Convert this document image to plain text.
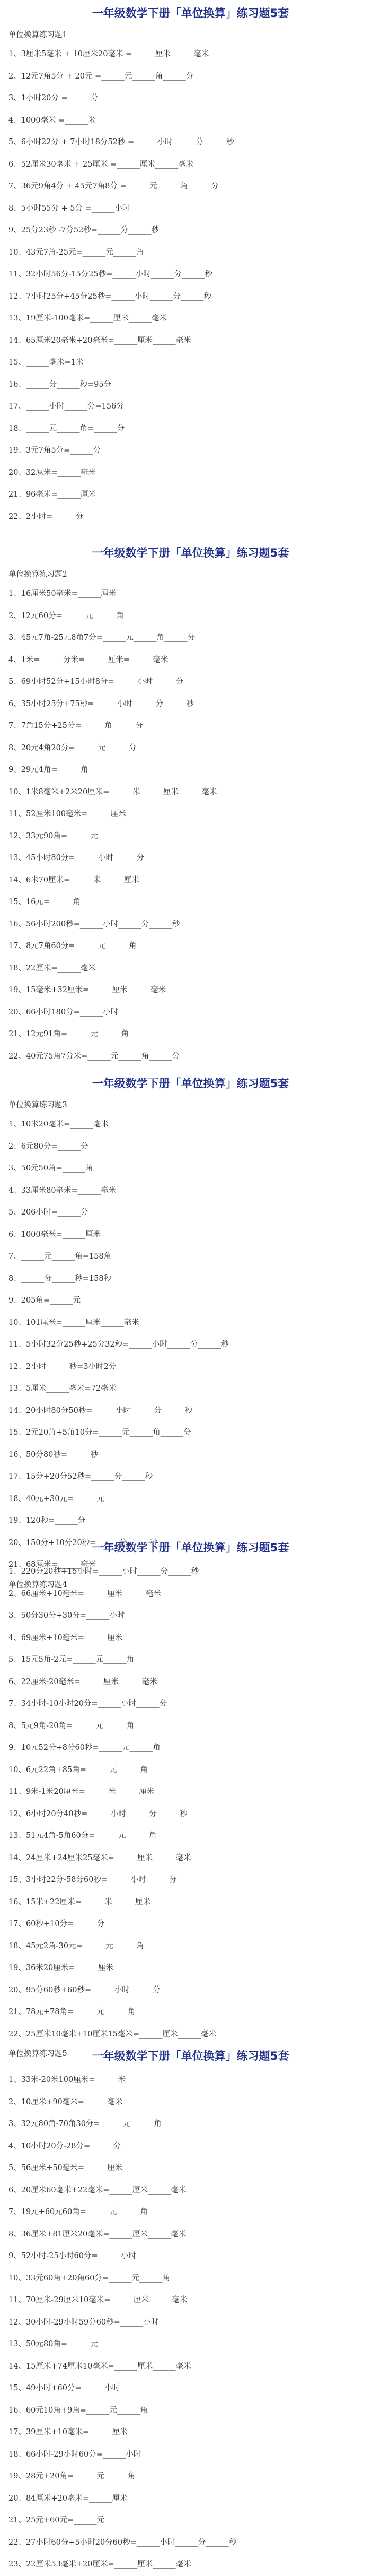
一年级数学下册「单位换算」练习题5套
单位换算练习题1
1、3厘米5毫米 + 10厘米20毫米 =______厘米______毫米
2、12元7角5分 + 20元 =______元______角______分
3、1小时20分 =______分
4、1000毫米 =______米
5、6小时22分 + 7小时18分52秒 =______小时______分______秒
6、52厘米30毫米 + 25厘米 =______厘米______毫米
7、36元9角4分 + 45元7角8分 =______元______角______分
8、5小时55分 + 5分 =______小时
9、25分23秒 -7分52秒=______分______秒
10、43元7角-25元=______元______角
11、32小时56分-15分25秒=______小时______分______秒
12、7小时25分+45分25秒=______小时______分______秒
13、19厘米-100毫米=______厘米______毫米
14、65厘米20毫米+20毫米=______厘米______毫米
15、______毫米=1米
16、______分______秒=95分
17、______小时______分=156分
18、______元______角=______分
19、3元7角5分=______分
20、32厘米=______毫米
21、96毫米=______厘米
22、2小时=______分
一年级数学下册「单位换算」练习题5套
单位换算练习题2
1、16厘米50毫米=______厘米
2、12元60分=______元______角
3、45元7角-25元8角7分=______元______角______分
4、1米=______分米=______厘米=______毫米
5、69小时52分+15小时8分=______小时______分
6、35小时25分+75秒=______小时______分______秒
7、7角15分+25分=______角______分
8、20元4角20分=______元______分
9、29元4角=______角
10、1米8毫米+2米20厘米=______米______厘米______毫米
11、52厘米100毫米=______厘米
12、33元90角=______元
13、45小时80分=______小时______分
14、6米70厘米=______米______厘米
15、16元=______角
16、56小时200秒=______小时______分______秒
17、8元7角60分=______元______角
18、22厘米=______毫米
19、15毫米+32厘米=______厘米______毫米
20、66小时180分=______小时
21、12元91角=______元______角
22、40元75角7分米=______元______角______分
一年级数学下册「单位换算」练习题5套
单位换算练习题3
1、10米20毫米=______毫米
2、6元80分=______分
3、50元50角=______角
4、33厘米80毫米=______毫米
5、206小时=______分
6、1000毫米=______厘米
7、______元______角=158角
8、______分______秒=158秒
9、205角=______元
10、101厘米=______厘米______毫米
11、5小时32分25秒+25分32秒=______小时______分______秒
12、2小时______秒=3小时2分
13、5厘米______毫米=72毫米
14、20小时80分50秒=______小时______分______秒
15、2元20角+5角10分=______元______角______分
16、50分80秒=______秒
17、15分+20分52秒=______分______秒
18、40元+30元=______元
19、120秒=______分
20、150分+10分20秒=______分______秒
21、68厘米=______毫米
单位换算练习题4
一年级数学下册「单位换算」练习题5套
1、220分20秒+15小时=______小时______分______秒
2、66厘米+10毫米=______厘米______毫米
3、50分30分+30分=______小时
4、69厘米+10毫米=______厘米
5、15元5角-2元=______元______角
6、22厘米-20毫米=______厘米______毫米
7、34小时-10小时20分=______小时______分
8、5元9角-20角=______元______角
9、10元52分+8分60秒=______元______角
10、6元22角+85角=______元______角
11、9米-1米20厘米=______米______厘米
12、6小时20分40秒=______小时______分______秒
13、51元4角-5角60分=______元______角
14、24厘米+24厘米25毫米=______厘米______毫米
15、3小时22分-58分60秒=______小时______分
16、15米+22厘米=______米______厘米
17、60秒+10分=______分
18、45元2角-30元=______元______角
19、36米20厘米=______厘米
20、95分60秒+60秒=______小时______分
21、78元+78角=______元______角
22、25厘米10毫米+10厘米15毫米=______厘米______毫米
单位换算练习题5	一年级数学下册「单位换算」练习题5套
1、33米-20米100厘米=______米
2、10厘米+90毫米=______毫米
3、32元80角-70角30分=______元______角
4、10小时20分-28分=______分
5、56厘米+50毫米=______厘米
6、20厘米60毫米+22毫米=______厘米______毫米
7、19元+60元60角=______元______角
8、36厘米+81厘米20毫米=______厘米______毫米
9、52小时-25小时60分=______小时
10、33元60角+20角60分=______元______角
11、70厘米-29厘米10毫米=______厘米______毫米
12、30小时-29小时59分60秒=______小时
13、50元80角=______元
14、15厘米+74厘米10毫米=______厘米______毫米
15、49小时+60分=______小时
16、60元10角+9角=______元______角
17、39厘米+10毫米=______厘米
18、66小时-29小时60分=______小时
19、28元+20角=______元______角
20、84厘米+20毫米=______厘米
21、25元+60元=______元
22、27小时60分+5小时20分60秒=______小时______分______秒
23、22厘米53毫米+20厘米=______厘米______毫米
